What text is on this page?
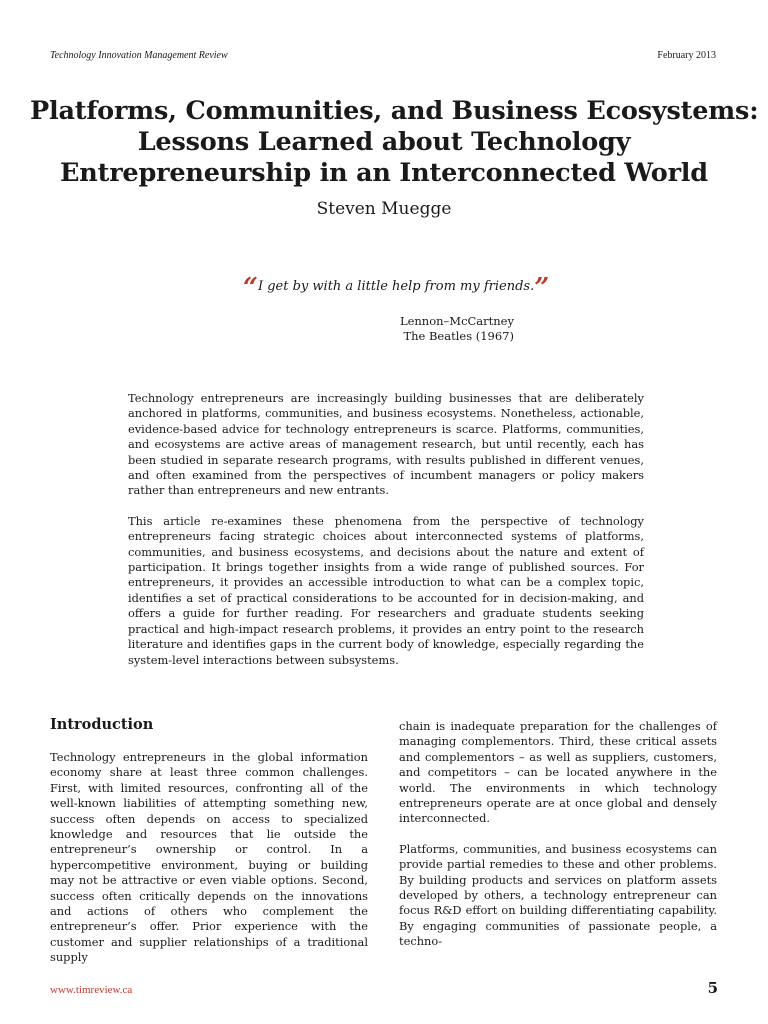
Technology Innovation Management Review	February 2013
Platforms, Communities, and Business Ecosystems:
Lessons Learned about Technology
Entrepreneurship in an Interconnected World
Steven Muegge
“I get by with a little help from my friends.”
Lennon–McCartney
The Beatles (1967)

Technology entrepreneurs are increasingly building businesses that are deliberately anchored in platforms, communities, and business ecosystems. Nonetheless, actionable, evidence-based advice for technology entrepreneurs is scarce. Platforms, communities, and ecosystems are active areas of management research, but until recently, each has been studied in separate research programs, with results published in different venues, and often examined from the perspectives of incumbent managers or policy makers rather than entrepreneurs and new entrants.

This article re-examines these phenomena from the perspective of technology entrepreneurs facing strategic choices about interconnected systems of platforms, communities, and business ecosystems, and decisions about the nature and extent of participation. It brings together insights from a wide range of published sources. For entrepreneurs, it provides an accessible introduction to what can be a complex topic, identifies a set of practical considerations to be accounted for in decision-making, and offers a guide for further reading. For researchers and graduate students seeking practical and high-impact research problems, it provides an entry point to the research literature and identifies gaps in the current body of knowledge, especially regarding the system-level interactions between subsystems.

Introduction

Technology entrepreneurs in the global information economy share at least three common challenges. First, with limited resources, confronting all of the well-known liabilities of attempting something new, success often depends on access to specialized knowledge and resources that lie outside the entrepreneur’s ownership or control. In a hypercompetitive environment, buying or building may not be attractive or even viable options. Second, success often critically depends on the innovations and actions of others who complement the entrepreneur’s offer. Prior experience with the customer and supplier relationships of a traditional supply

chain is inadequate preparation for the challenges of managing complementors. Third, these critical assets and complementors – as well as suppliers, customers, and competitors – can be located anywhere in the world. The environments in which technology entrepreneurs operate are at once global and densely interconnected.

Platforms, communities, and business ecosystems can provide partial remedies to these and other problems. By building products and services on platform assets developed by others, a technology entrepreneur can focus R&D effort on building differentiating capability. By engaging communities of passionate people, a techno-

www.timreview.ca	5
